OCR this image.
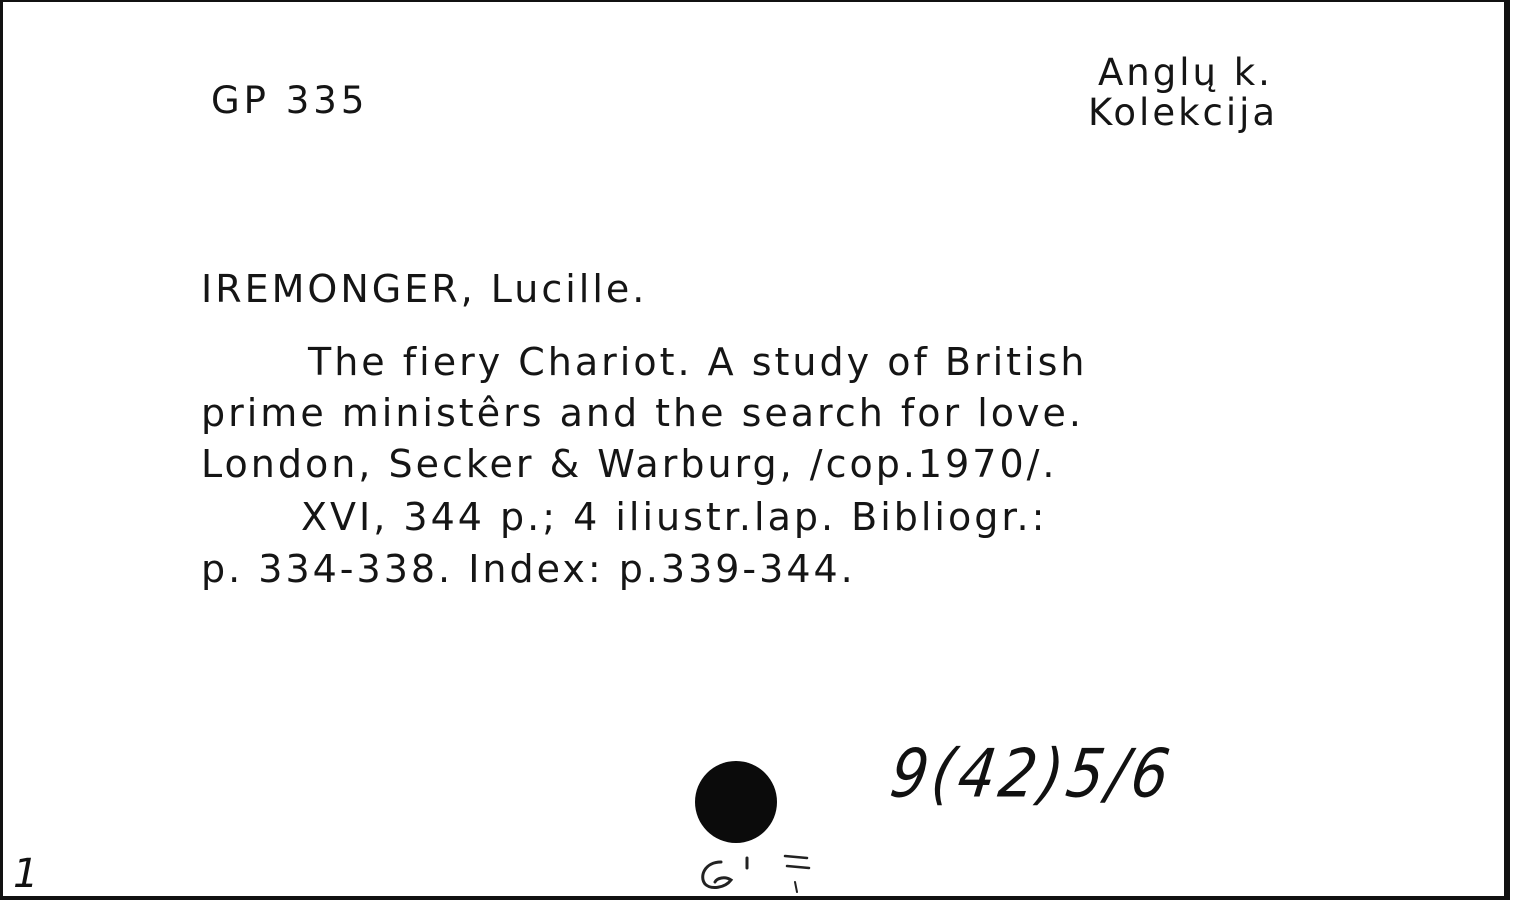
GP 335
Anglų k.
Kolekcija
IREMONGER, Lucille.
The fiery Chariot. A study of British
prime ministêrs and the search for love.
London, Secker & Warburg, /cop.1970/.
XVI, 344 p.; 4 iliustr.lap. Bibliogr.:
p. 334-338. Index: p.339-344.
9(42)5/6
1
